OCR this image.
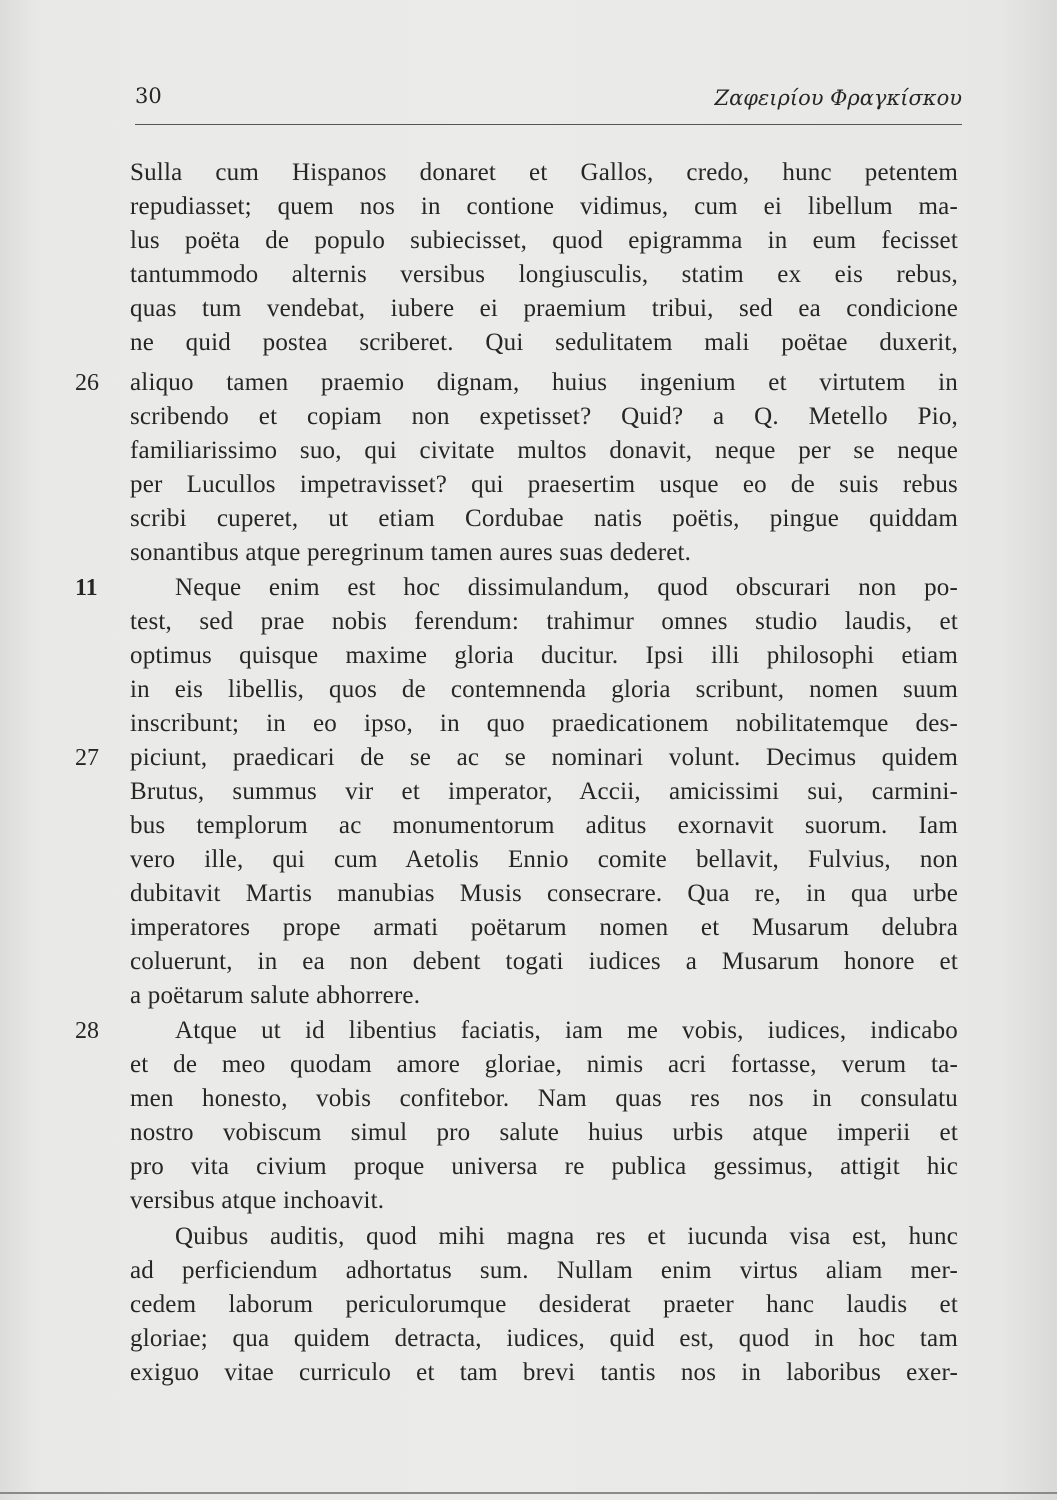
30	Ζαφειρίου Φραγκίσκου
26
11
27
28
Sulla cum Hispanos donaret et Gallos, credo, hunc petentem
repudiasset; quem nos in contione vidimus, cum ei libellum ma-
lus poëta de populo subiecisset, quod epigramma in eum fecisset
tantummodo alternis versibus longiusculis, statim ex eis rebus,
quas tum vendebat, iubere ei praemium tribui, sed ea condicione
ne quid postea scriberet. Qui sedulitatem mali poëtae duxerit,
aliquo tamen praemio dignam, huius ingenium et virtutem in
scribendo et copiam non expetisset? Quid? a Q. Metello Pio,
familiarissimo suo, qui civitate multos donavit, neque per se neque
per Lucullos impetravisset? qui praesertim usque eo de suis rebus
scribi cuperet, ut etiam Cordubae natis poëtis, pingue quiddam
sonantibus atque peregrinum tamen aures suas dederet.
Neque enim est hoc dissimulandum, quod obscurari non po-
test, sed prae nobis ferendum: trahimur omnes studio laudis, et
optimus quisque maxime gloria ducitur. Ipsi illi philosophi etiam
in eis libellis, quos de contemnenda gloria scribunt, nomen suum
inscribunt; in eo ipso, in quo praedicationem nobilitatemque des-
piciunt, praedicari de se ac se nominari volunt. Decimus quidem
Brutus, summus vir et imperator, Accii, amicissimi sui, carmini-
bus templorum ac monumentorum aditus exornavit suorum. Iam
vero ille, qui cum Aetolis Ennio comite bellavit, Fulvius, non
dubitavit Martis manubias Musis consecrare. Qua re, in qua urbe
imperatores prope armati poëtarum nomen et Musarum delubra
coluerunt, in ea non debent togati iudices a Musarum honore et
a poëtarum salute abhorrere.
Atque ut id libentius faciatis, iam me vobis, iudices, indicabo
et de meo quodam amore gloriae, nimis acri fortasse, verum ta-
men honesto, vobis confitebor. Nam quas res nos in consulatu
nostro vobiscum simul pro salute huius urbis atque imperii et
pro vita civium proque universa re publica gessimus, attigit hic
versibus atque inchoavit.
Quibus auditis, quod mihi magna res et iucunda visa est, hunc
ad perficiendum adhortatus sum. Nullam enim virtus aliam mer-
cedem laborum periculorumque desiderat praeter hanc laudis et
gloriae; qua quidem detracta, iudices, quid est, quod in hoc tam
exiguo vitae curriculo et tam brevi tantis nos in laboribus exer-
